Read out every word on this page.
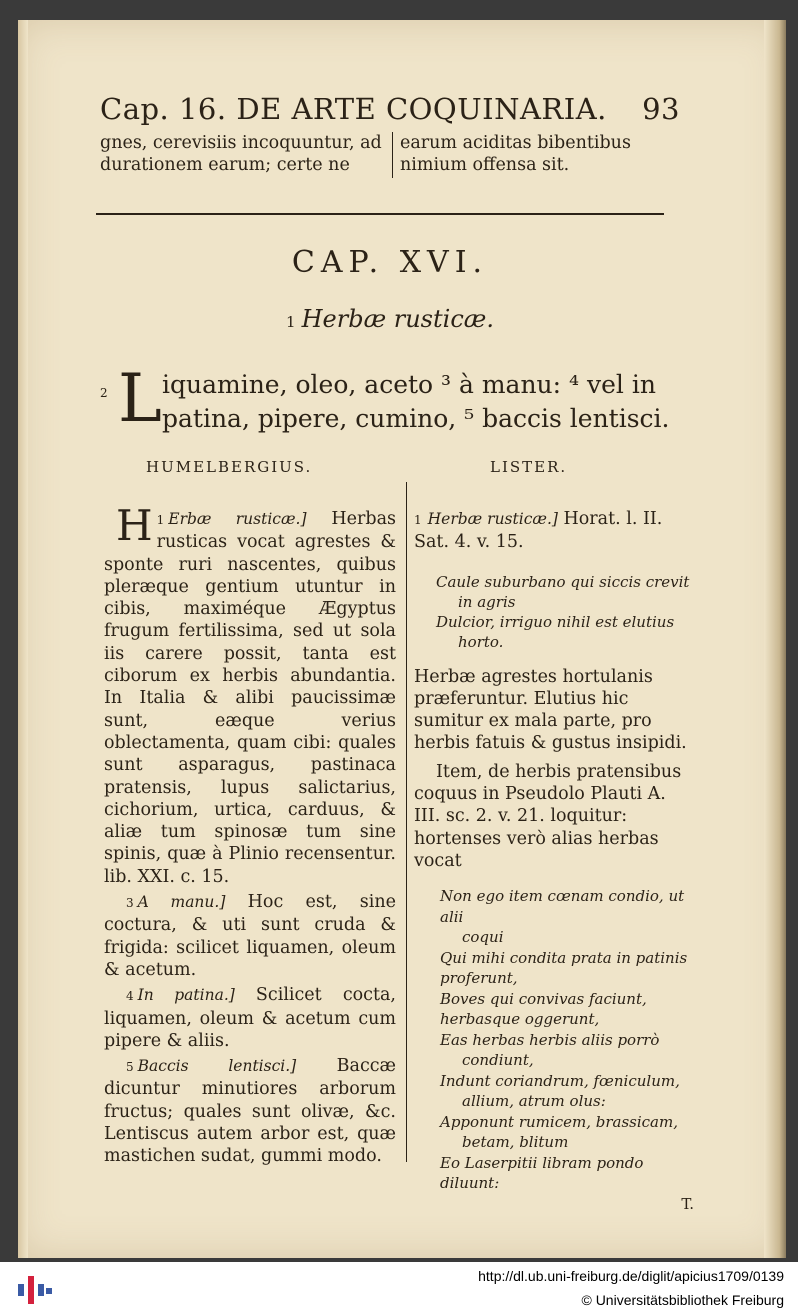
Cap. 16. DE ARTE COQUINARIA. 93
gnes, cerevisiis incoquuntur, ad durationem earum; certe ne
earum aciditas bibentibus nimium offensa sit.
CAP. XVI.
1 Herbæ rusticæ.
2 L iquamine, oleo, aceto ³ à manu: ⁴ vel in
patina, pipere, cumino, ⁵ baccis lentisci.
HUMELBERGIUS.	LISTER.

1
H Erbæ rusticæ.] Herbas rusticas vocat agrestes & sponte ruri nascentes, quibus pleræque gentium utuntur in cibis, maximéque Ægyptus frugum fertilissima, sed ut sola iis carere possit, tanta est ciborum ex herbis abundantia. In Italia & alibi paucissimæ sunt, eæque verius oblectamenta, quam cibi: quales sunt asparagus, pastinaca pratensis, lupus salictarius, cichorium, urtica, carduus, & aliæ tum spinosæ tum sine spinis, quæ à Plinio recensentur. lib. XXI. c. 15.

3 A manu.] Hoc est, sine coctura, & uti sunt cruda & frigida: scilicet liquamen, oleum & acetum.

4 In patina.] Scilicet cocta, liquamen, oleum & acetum cum pipere & aliis.

5 Baccis lentisci.] Baccæ dicuntur minutiores arborum fructus; quales sunt olivæ, &c. Lentiscus autem arbor est, quæ mastichen sudat, gummi modo.

1 Herbæ rusticæ.] Horat. l. II. Sat. 4. v. 15.

Caule suburbano qui siccis crevit
in agris
Dulcior, irriguo nihil est elutius
horto.

Herbæ agrestes hortulanis præferuntur. Elutius hic sumitur ex mala parte, pro herbis fatuis & gustus insipidi.

Item, de herbis pratensibus coquus in Pseudolo Plauti A. III. sc. 2. v. 21. loquitur: hortenses verò alias herbas vocat

Non ego item cœnam condio, ut alii
coqui
Qui mihi condita prata in patinis proferunt,
Boves qui convivas faciunt, herbasque oggerunt,
Eas herbas herbis aliis porrò
condiunt,
Indunt coriandrum, fœniculum,
allium, atrum olus:
Apponunt rumicem, brassicam,
betam, blitum
Eo Laserpitii libram pondo diluunt:
T.
http://dl.ub.uni-freiburg.de/diglit/apicius1709/0139
© Universitätsbibliothek Freiburg
